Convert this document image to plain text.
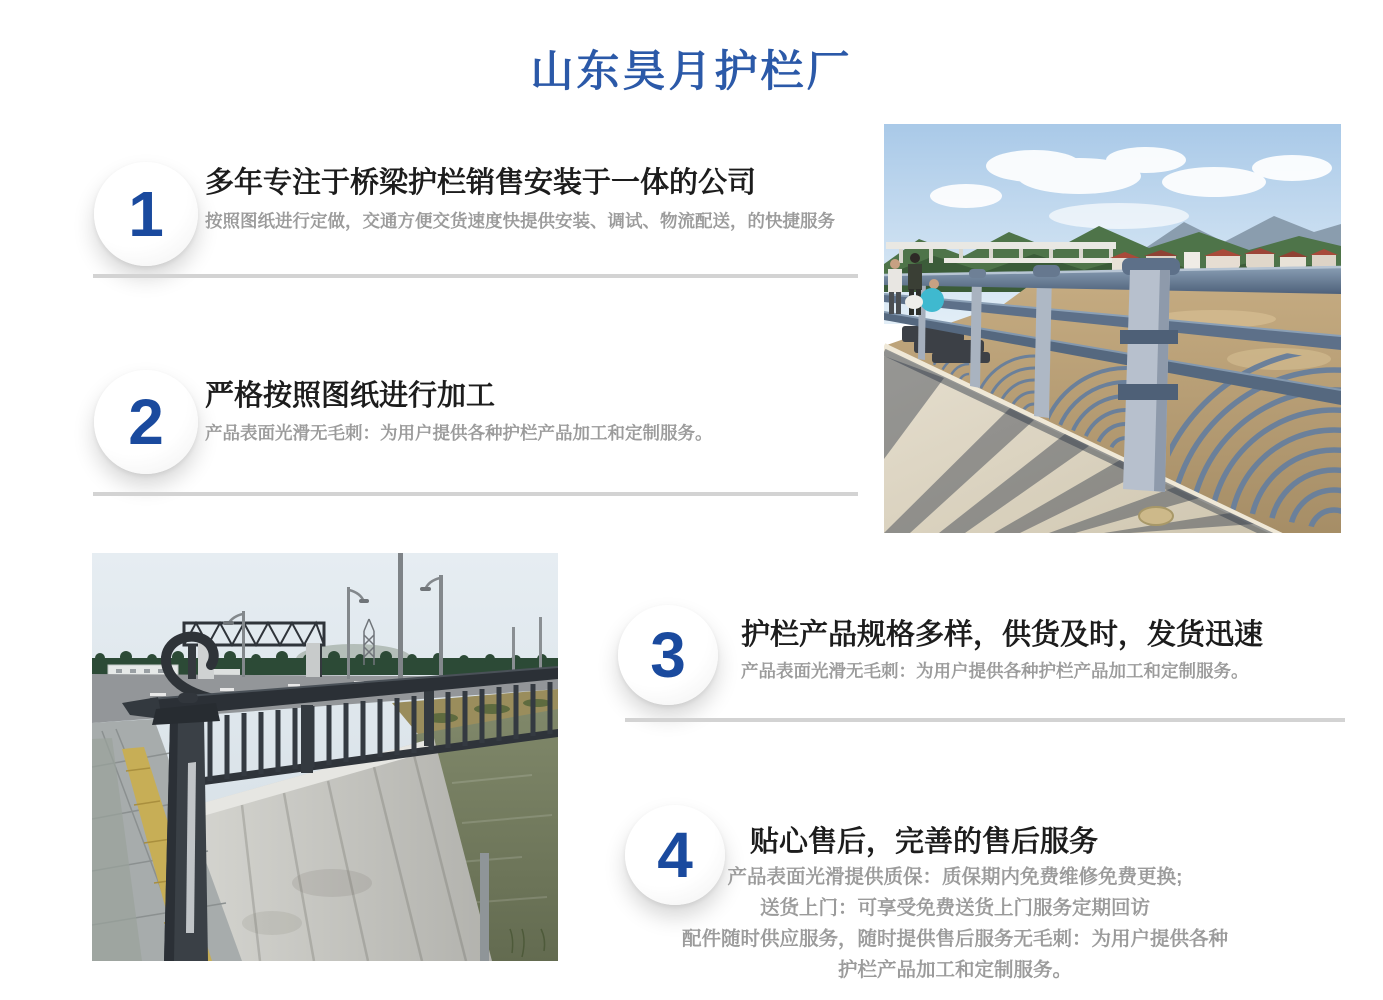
山东昊月护栏厂
1 多年专注于桥梁护栏销售安装于一体的公司

按照图纸进行定做，交通方便交货速度快提供安装、调试、物流配送，的快捷服务

2 严格按照图纸进行加工

产品表面光滑无毛刺：为用户提供各种护栏产品加工和定制服务。

3 护栏产品规格多样，供货及时，发货迅速

产品表面光滑无毛刺：为用户提供各种护栏产品加工和定制服务。

4 贴心售后，完善的售后服务
产品表面光滑提供质保：质保期内免费维修免费更换;
送货上门：可享受免费送货上门服务定期回访
配件随时供应服务，随时提供售后服务无毛刺：为用户提供各种
护栏产品加工和定制服务。
